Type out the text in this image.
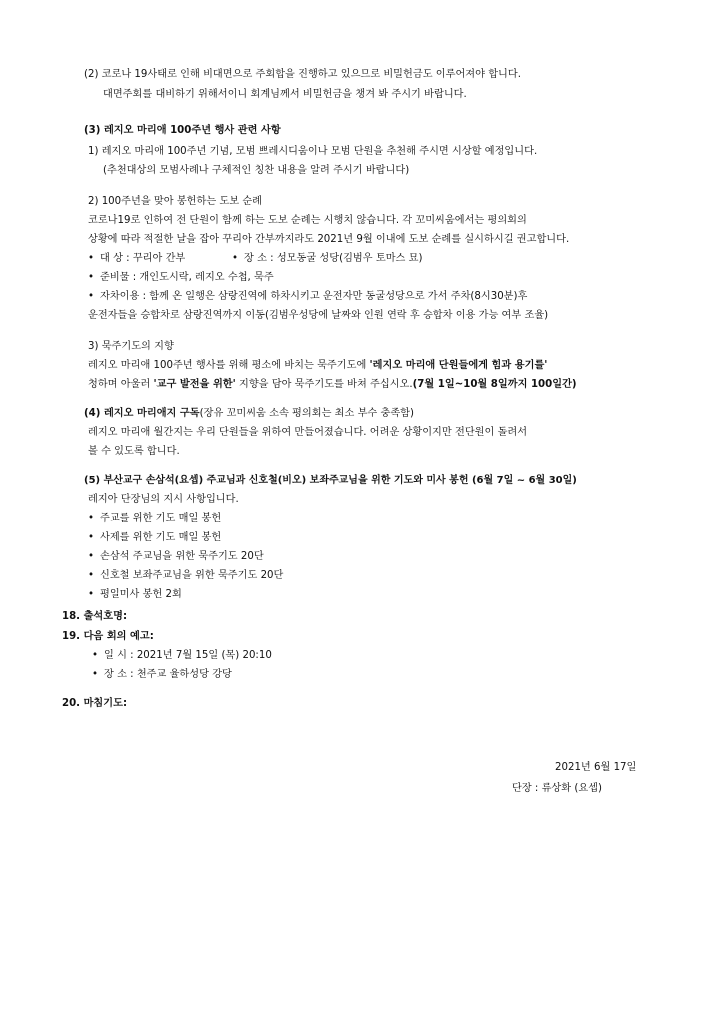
(2) 코로나 19사태로 인해 비대면으로 주회합을 진행하고 있으므로 비밀헌금도 이루어져야 합니다.
대면주회를 대비하기 위해서이니 회계님께서 비밀헌금을 챙겨 봐 주시기 바랍니다.
(3) 레지오 마리애 100주년 행사 관련 사항
1) 레지오 마리애 100주년 기념, 모범 쁘레시디움이나 모범 단원을 추천해 주시면 시상할 예정입니다.
(추천대상의 모범사례나 구체적인 칭찬 내용을 알려 주시기 바랍니다)
2) 100주년을 맞아 봉헌하는 도보 순례
코로나19로 인하여 전 단원이 함께 하는 도보 순례는 시행치 않습니다. 각 꼬미씨움에서는 평의회의
상황에 따라 적절한 날을 잡아 꾸리아 간부까지라도 2021년 9월 이내에 도보 순례를 실시하시길 권고합니다.
• 대 상 : 꾸리아 간부
•	장 소 : 성모동굴 성당(김범우 토마스 묘)
• 준비물 : 개인도시락, 레지오 수첩, 묵주
• 자차이용 : 함께 온 일행은 삼랑진역에 하차시키고 운전자만 동굴성당으로 가서 주차(8시30분)후
운전자들을 승합차로 삼랑진역까지 이동(김범우성당에 날짜와 인원 연락 후 승합차 이용 가능 여부 조율)
3) 묵주기도의 지향
레지오 마리애 100주년 행사를 위해 평소에 바치는 묵주기도에 '레지오 마리애 단원들에게 힘과 용기를'
청하며 아울러 '교구 발전을 위한' 지향을 담아 묵주기도를 바쳐 주십시오.(7월 1일~10월 8일까지 100일간)
(4) 레지오 마리애지 구독(장유 꼬미씨움 소속 평의회는 최소 부수 충족함)
레지오 마리애 월간지는 우리 단원들을 위하여 만들어졌습니다. 어려운 상황이지만 전단원이 돌려서
볼 수 있도록 합니다.
(5) 부산교구 손삼석(요셉) 주교님과 신호철(비오) 보좌주교님을 위한 기도와 미사 봉헌 (6월 7일 ~ 6월 30일)
레지아 단장님의 지시 사항입니다.
• 주교를 위한 기도 매일 봉헌
• 사제를 위한 기도 매일 봉헌
• 손삼석 주교님을 위한 묵주기도 20단
• 신호철 보좌주교님을 위한 묵주기도 20단
• 평일미사 봉헌 2회
18. 출석호명:
19. 다음 회의 예고:
• 일 시 : 2021년 7월 15일 (목) 20:10
• 장 소 : 천주교 율하성당 강당
20. 마침기도:
2021년 6월 17일
단장 : 류상화 (요셉)
